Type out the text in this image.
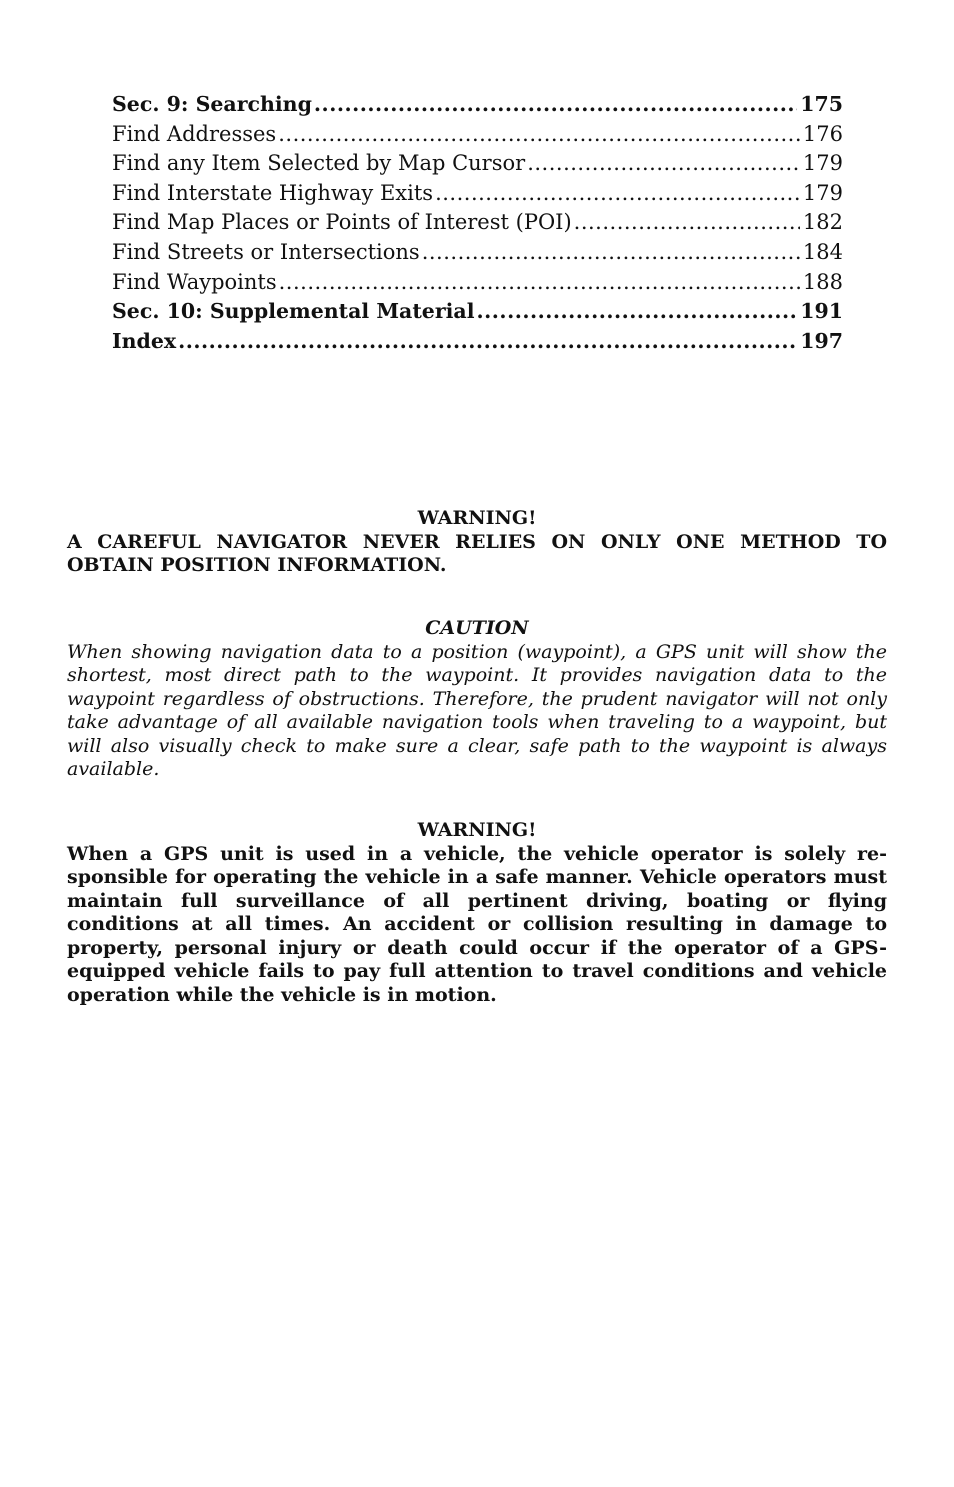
Sec. 9: Searching .....	175
Find Addresses .....	176
Find any Item Selected by Map Cursor .....	179
Find Interstate Highway Exits .....	179
Find Map Places or Points of Interest (POI) .....	182
Find Streets or Intersections .....	184
Find Waypoints .....	188
Sec. 10: Supplemental Material .....	191
Index .....	197
WARNING!
A CAREFUL NAVIGATOR NEVER RELIES ON ONLY ONE METHOD TO OBTAIN POSITION INFORMATION.
CAUTION
When showing navigation data to a position (waypoint), a GPS unit will show the shortest, most direct path to the waypoint. It provides navigation data to the waypoint regardless of obstructions. Therefore, the prudent navigator will not only take advantage of all available navigation tools when traveling to a waypoint, but will also visually check to make sure a clear, safe path to the waypoint is always available.
WARNING!
When a GPS unit is used in a vehicle, the vehicle operator is solely responsible for operating the vehicle in a safe manner. Vehicle operators must maintain full surveillance of all pertinent driving, boating or flying conditions at all times. An accident or collision resulting in damage to property, personal injury or death could occur if the operator of a GPS-equipped vehicle fails to pay full attention to travel conditions and vehicle operation while the vehicle is in motion.
